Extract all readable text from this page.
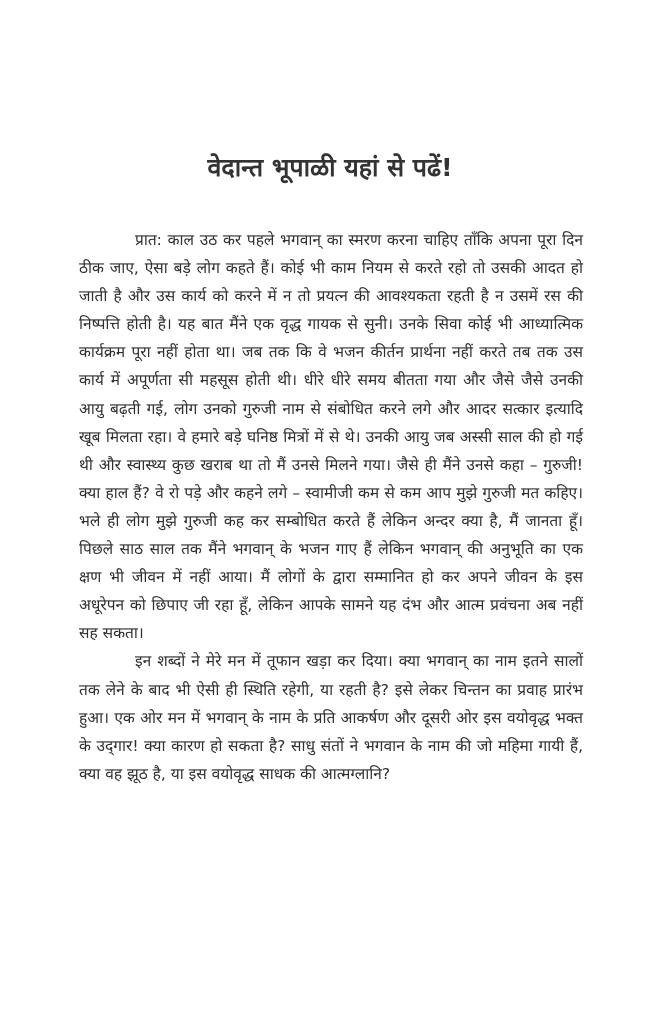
वेदान्त भूपाळी यहां से पढें!

प्रात: काल उठ कर पहले भगवान् का स्मरण करना चाहिए ताँकि अपना पूरा दिन ठीक जाए, ऐसा बड़े लोग कहते हैं। कोई भी काम नियम से करते रहो तो उसकी आदत हो जाती है और उस कार्य को करने में न तो प्रयत्न की आवश्यकता रहती है न उसमें रस की निष्पत्ति होती है। यह बात मैंने एक वृद्ध गायक से सुनी। उनके सिवा कोई भी आध्यात्मिक कार्यक्रम पूरा नहीं होता था। जब तक कि वे भजन कीर्तन प्रार्थना नहीं करते तब तक उस कार्य में अपूर्णता सी महसूस होती थी। धीरे धीरे समय बीतता गया और जैसे जैसे उनकी आयु बढ़ती गई, लोग उनको गुरुजी नाम से संबोधित करने लगे और आदर सत्कार इत्यादि खूब मिलता रहा। वे हमारे बड़े घनिष्ठ मित्रों में से थे। उनकी आयु जब अस्सी साल की हो गई थी और स्वास्थ्य कुछ खराब था तो मैं उनसे मिलने गया। जैसे ही मैंने उनसे कहा – गुरुजी! क्या हाल हैं? वे रो पड़े और कहने लगे – स्वामीजी कम से कम आप मुझे गुरुजी मत कहिए। भले ही लोग मुझे गुरुजी कह कर सम्बोधित करते हैं लेकिन अन्दर क्या है, मैं जानता हूँ। पिछले साठ साल तक मैंने भगवान् के भजन गाए हैं लेकिन भगवान् की अनुभूति का एक क्षण भी जीवन में नहीं आया। मैं लोगों के द्वारा सम्मानित हो कर अपने जीवन के इस अधूरेपन को छिपाए जी रहा हूँ, लेकिन आपके सामने यह दंभ और आत्म प्रवंचना अब नहीं सह सकता।

इन शब्दों ने मेरे मन में तूफान खड़ा कर दिया। क्या भगवान् का नाम इतने सालों तक लेने के बाद भी ऐसी ही स्थिति रहेगी, या रहती है? इसे लेकर चिन्तन का प्रवाह प्रारंभ हुआ। एक ओर मन में भगवान् के नाम के प्रति आकर्षण और दूसरी ओर इस वयोवृद्ध भक्त के उद्‌गार! क्या कारण हो सकता है? साधु संतों ने भगवान के नाम की जो महिमा गायी हैं, क्या वह झूठ है, या इस वयोवृद्ध साधक की आत्मग्लानि?
